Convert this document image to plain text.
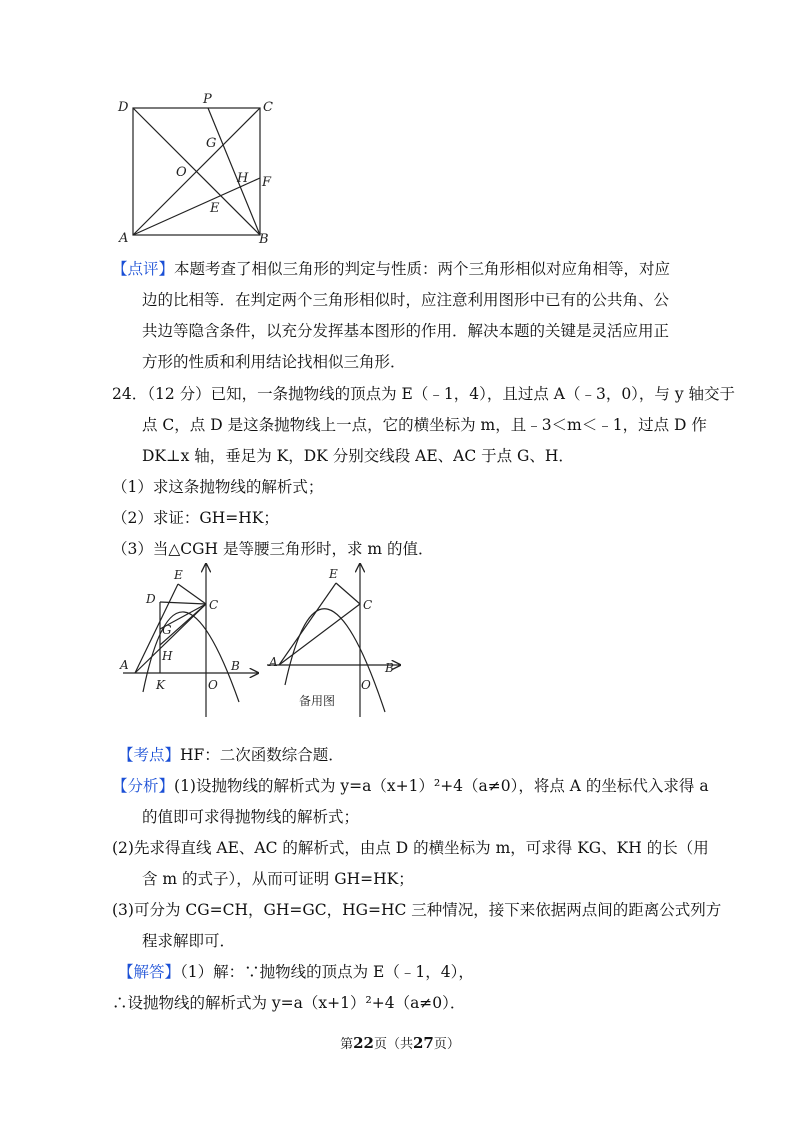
D
P
C
G
O	H F
E
A	B
【点评】本题考查了相似三角形的判定与性质：两个三角形相似对应角相等，对应
边的比相等．在判定两个三角形相似时，应注意利用图形中已有的公共角、公
共边等隐含条件，以充分发挥基本图形的作用．解决本题的关键是灵活应用正
方形的性质和利用结论找相似三角形．
24．（12 分）已知，一条抛物线的顶点为 E（﹣1，4），且过点 A（﹣3，0），与 y 轴交于
点 C，点 D 是这条抛物线上一点，它的横坐标为 m，且﹣3＜m＜﹣1，过点 D 作
DK⊥x 轴，垂足为 K，DK 分别交线段 AE、AC 于点 G、H．
（1）求这条抛物线的解析式；
（2）求证：GH=HK；
（3）当△CGH 是等腰三角形时，求 m 的值．
E
D	C
G
H
A	B
K	O
E
C
A	B
O
备用图
【考点】HF：二次函数综合题．
【分析】(1)设抛物线的解析式为 y=a（x+1）²+4（a≠0），将点 A 的坐标代入求得 a
的值即可求得抛物线的解析式；
(2)先求得直线 AE、AC 的解析式，由点 D 的横坐标为 m，可求得 KG、KH 的长（用
含 m 的式子），从而可证明 GH=HK；
(3)可分为 CG=CH，GH=GC，HG=HC 三种情况，接下来依据两点间的距离公式列方
程求解即可．
【解答】（1）解：∵抛物线的顶点为 E（﹣1，4），
∴设抛物线的解析式为 y=a（x+1）²+4（a≠0）．
第22页（共27页）
